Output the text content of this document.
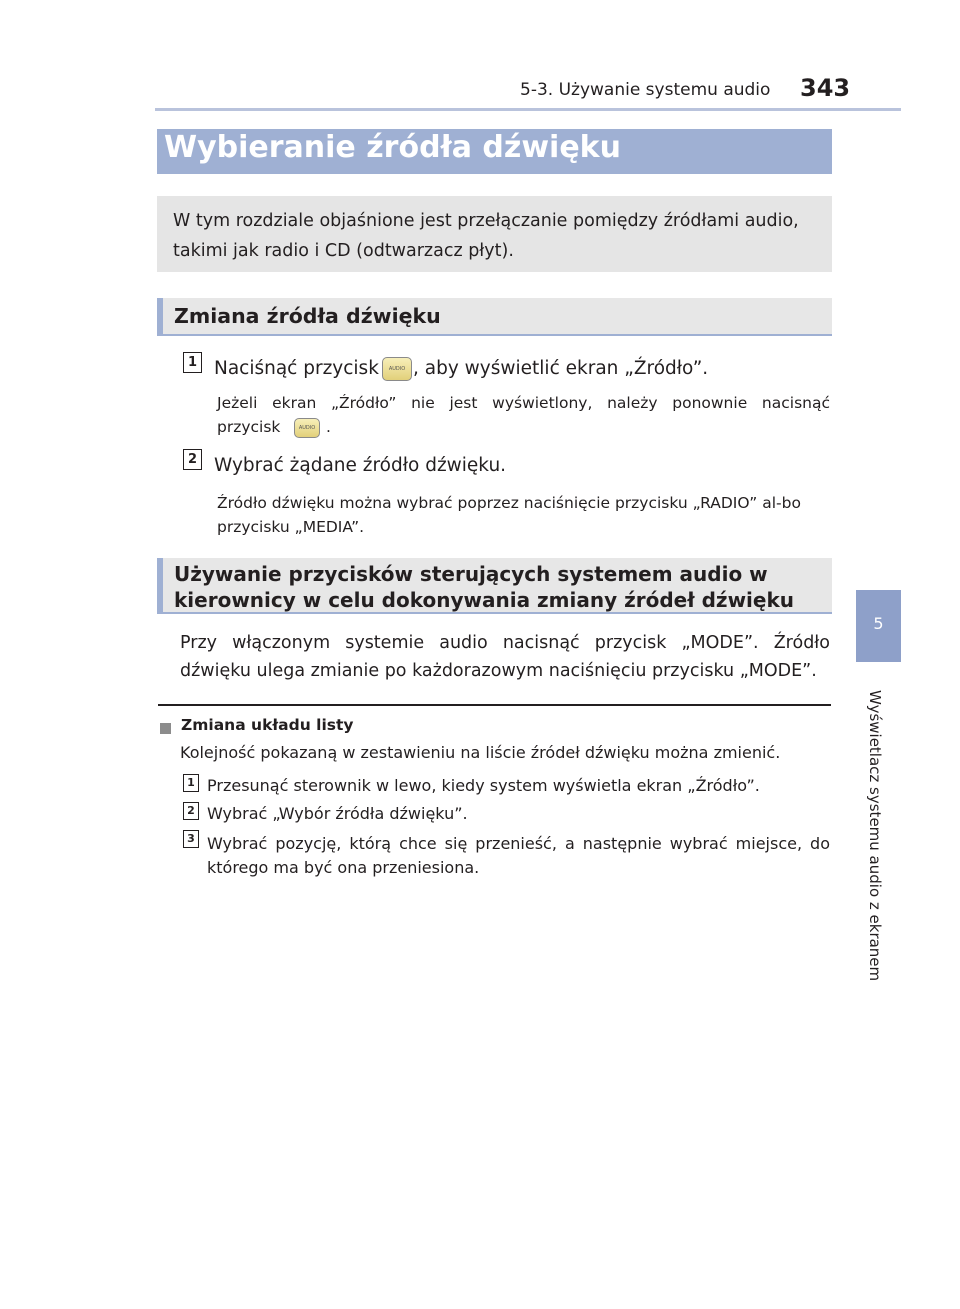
5-3. Używanie systemu audio 343
5
Wyświetlacz systemu audio z ekranem
Wybieranie źródła dźwięku
W tym rozdziale objaśnione jest przełączanie pomiędzy źródłami audio, takimi jak radio i CD (odtwarzacz płyt).
Zmiana źródła dźwięku
1 Naciśnąć przycisk	AUDIO , aby wyświetlić ekran „Źródło”.
Jeżeli ekran „Źródło” nie jest wyświetlony, należy ponownie nacisnąć
przycisk	AUDIO .
2 Wybrać żądane źródło dźwięku.
Źródło dźwięku można wybrać poprzez naciśnięcie przycisku „RADIO” al-bo przycisku „MEDIA”.
Używanie przycisków sterujących systemem audio w kierownicy w celu dokonywania zmiany źródeł dźwięku
Przy włączonym systemie audio nacisnąć przycisk „MODE”. Źródło dźwięku ulega zmianie po każdorazowym naciśnięciu przycisku „MODE”.
Zmiana układu listy
Kolejność pokazaną w zestawieniu na liście źródeł dźwięku można zmienić.
1 Przesunąć sterownik w lewo, kiedy system wyświetla ekran „Źródło”.
2 Wybrać „Wybór źródła dźwięku”.
3 Wybrać pozycję, którą chce się przenieść, a następnie wybrać miejsce, do którego ma być ona przeniesiona.
